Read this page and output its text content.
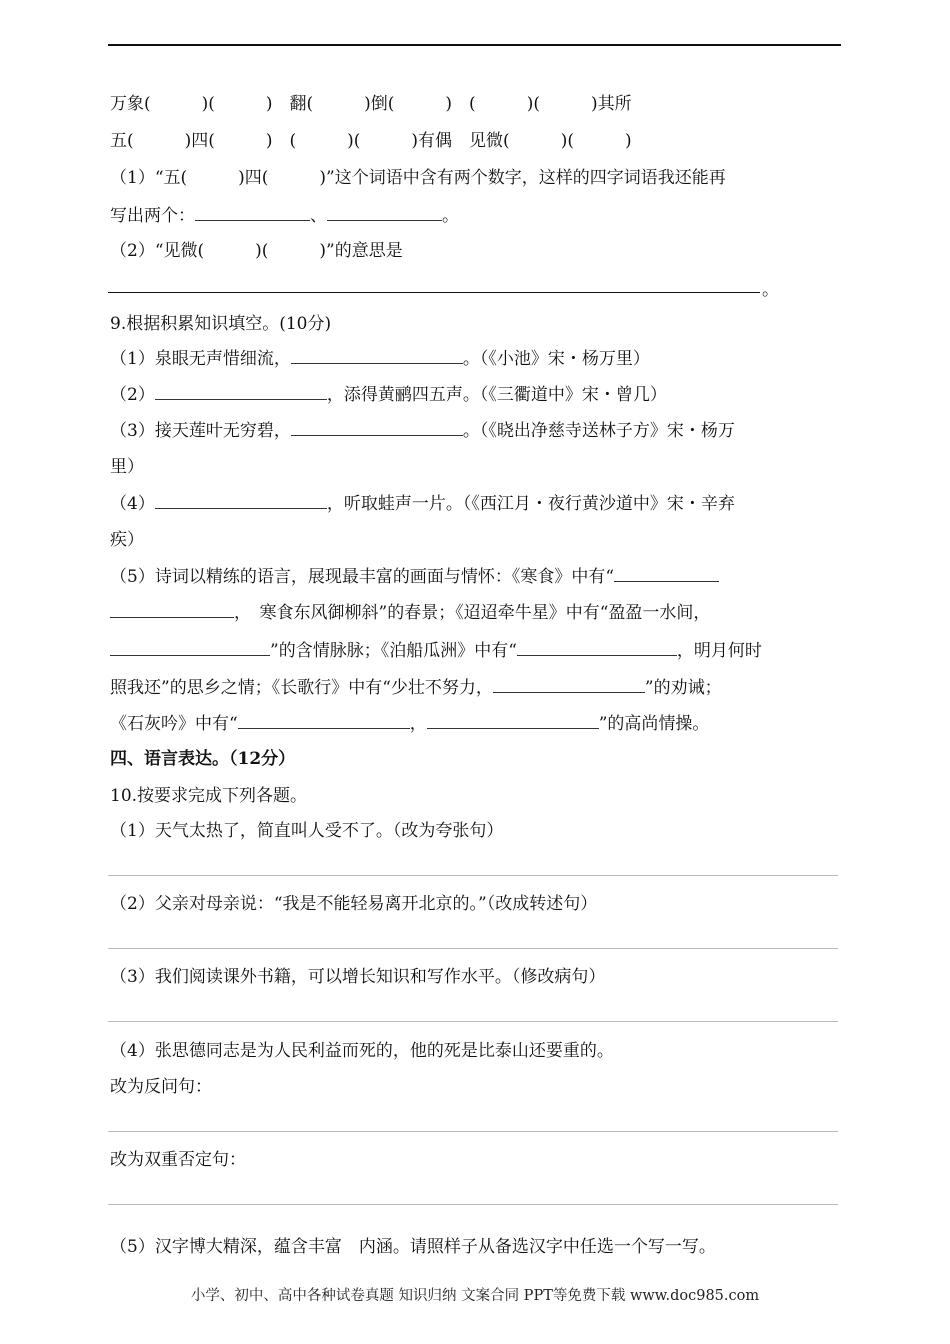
万象(　　　)(　　　)　翻(　　　)倒(　　　)　(　　　)(　　　)其所
五(　　　)四(　　　)　(　　　)(　　　)有偶　见微(　　　)(　　　)
（1）“五(　　　)四(　　　)”这个词语中含有两个数字，这样的四字词语我还能再
写出两个：	、	。
（2）“见微(　　　)(　　　)”的意思是
。
9.根据积累知识填空。(10分)
（1）泉眼无声惜细流，	。（《小池》宋・杨万里）
（2）	，添得黄鹂四五声。（《三衢道中》宋・曾几）
（3）接天莲叶无穷碧，	。（《晓出净慈寺送林子方》宋・杨万
里）
（4）	，听取蛙声一片。（《西江月・夜行黄沙道中》宋・辛弃
疾）
（5）诗词以精练的语言，展现最丰富的画面与情怀：《寒食》中有“
，　寒食东风御柳斜”的春景；《迢迢牵牛星》中有“盈盈一水间，
”的含情脉脉；《泊船瓜洲》中有“	，明月何时
照我还”的思乡之情；《长歌行》中有“少壮不努力，	”的劝诫；
《石灰吟》中有“	，	”的高尚情操。
四、语言表达。（12分）
10.按要求完成下列各题。
（1）天气太热了，简直叫人受不了。（改为夸张句）
（2）父亲对母亲说：“我是不能轻易离开北京的。”（改成转述句）
（3）我们阅读课外书籍，可以增长知识和写作水平。（修改病句）
（4）张思德同志是为人民利益而死的，他的死是比泰山还要重的。
改为反问句：
改为双重否定句：
（5）汉字博大精深，蕴含丰富　内涵。请照样子从备选汉字中任选一个写一写。
小学、初中、高中各种试卷真题 知识归纳 文案合同 PPT等免费下载 www.doc985.com
